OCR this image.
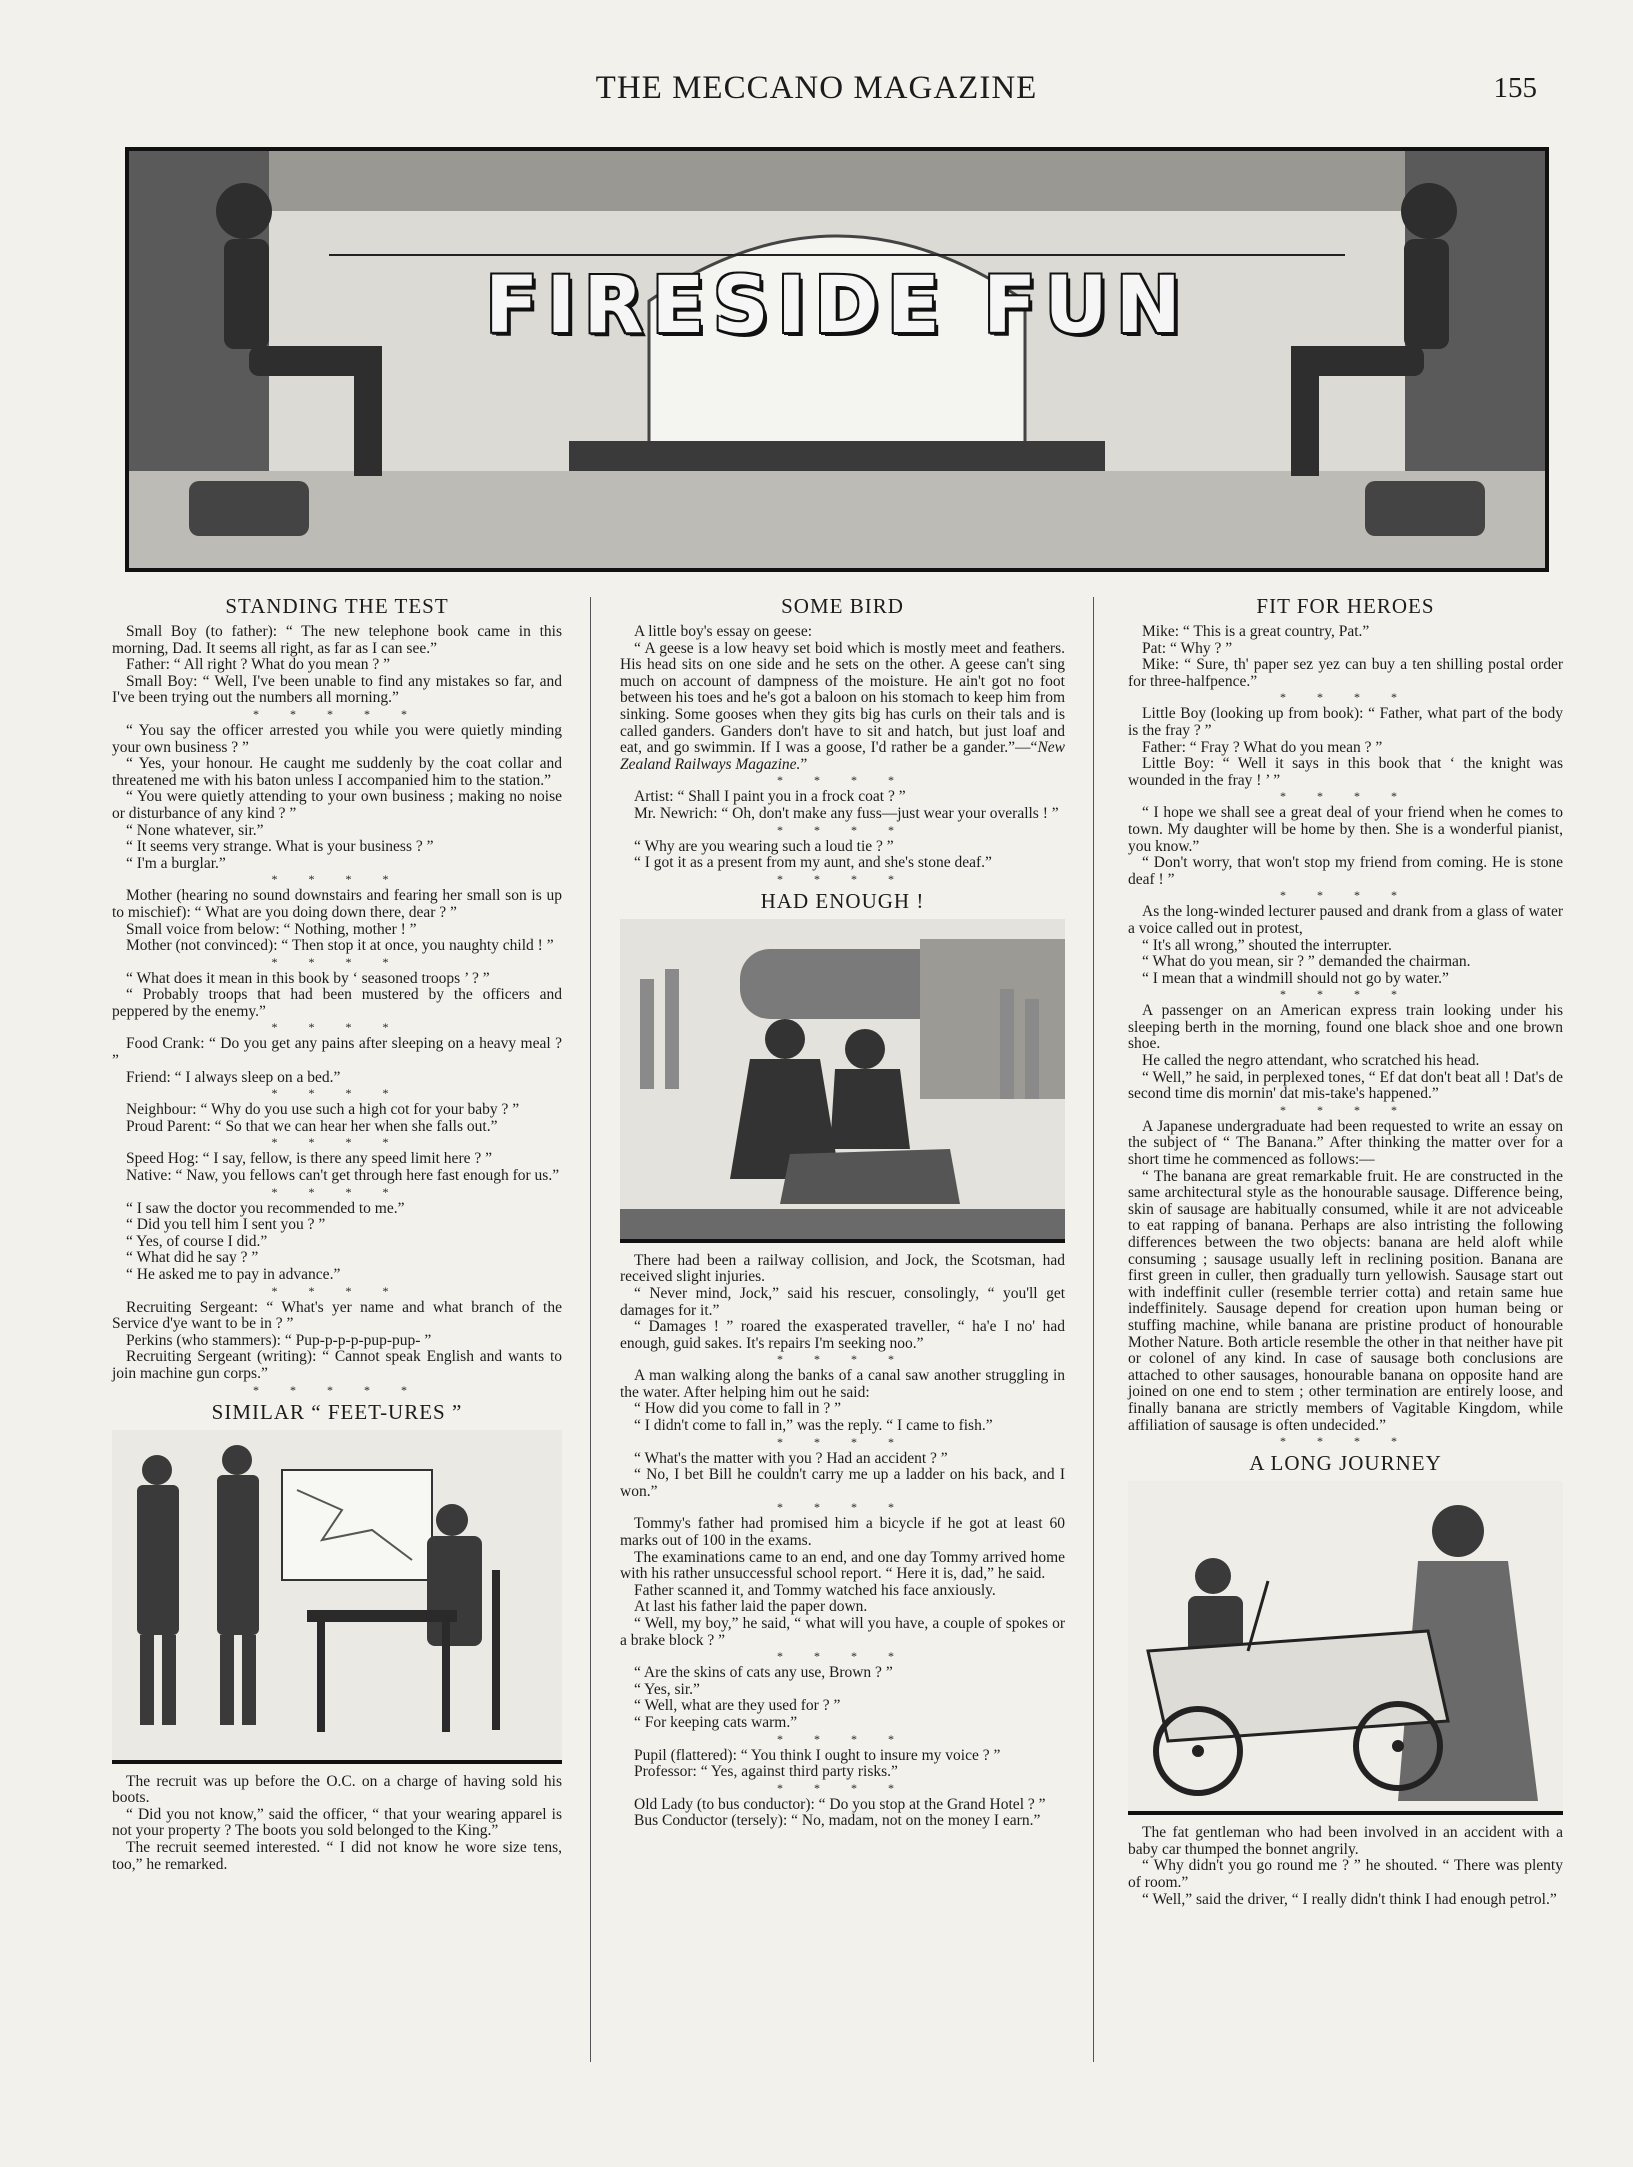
THE MECCANO MAGAZINE	155
FIRESIDE FUN
STANDING THE TEST

Small Boy (to father): “ The new telephone book came in this morning, Dad. It seems all right, as far as I can see.”

Father: “ All right ? What do you mean ? ”

Small Boy: “ Well, I've been unable to find any mistakes so far, and I've been trying out the numbers all morning.”

* * * * *

“ You say the officer arrested you while you were quietly minding your own business ? ”

“ Yes, your honour. He caught me suddenly by the coat collar and threatened me with his baton unless I accompanied him to the station.”

“ You were quietly attending to your own business ; making no noise or disturbance of any kind ? ”

“ None whatever, sir.”

“ It seems very strange. What is your business ? ”

“ I'm a burglar.”

* * * *

Mother (hearing no sound downstairs and fearing her small son is up to mischief): “ What are you doing down there, dear ? ”

Small voice from below: “ Nothing, mother ! ”

Mother (not convinced): “ Then stop it at once, you naughty child ! ”

* * * *

“ What does it mean in this book by ‘ seasoned troops ’ ? ”

“ Probably troops that had been mustered by the officers and peppered by the enemy.”

* * * *

Food Crank: “ Do you get any pains after sleeping on a heavy meal ? ”

Friend: “ I always sleep on a bed.”

* * * *

Neighbour: “ Why do you use such a high cot for your baby ? ”

Proud Parent: “ So that we can hear her when she falls out.”

* * * *

Speed Hog: “ I say, fellow, is there any speed limit here ? ”

Native: “ Naw, you fellows can't get through here fast enough for us.”

* * * *

“ I saw the doctor you recommended to me.”

“ Did you tell him I sent you ? ”

“ Yes, of course I did.”

“ What did he say ? ”

“ He asked me to pay in advance.”

* * * *

Recruiting Sergeant: “ What's yer name and what branch of the Service d'ye want to be in ? ”

Perkins (who stammers): “ Pup-p-p-p-pup-pup- ”

Recruiting Sergeant (writing): “ Cannot speak English and wants to join machine gun corps.”

* * * * *
SIMILAR “ FEET-URES ”

The recruit was up before the O.C. on a charge of having sold his boots.

“ Did you not know,” said the officer, “ that your wearing apparel is not your property ? The boots you sold belonged to the King.”

The recruit seemed interested. “ I did not know he wore size tens, too,” he remarked.

SOME BIRD

A little boy's essay on geese:

“ A geese is a low heavy set boid which is mostly meet and feathers. His head sits on one side and he sets on the other. A geese can't sing much on account of dampness of the moisture. He ain't got no foot between his toes and he's got a baloon on his stomach to keep him from sinking. Some gooses when they gits big has curls on their tals and is called ganders. Ganders don't have to sit and hatch, but just loaf and eat, and go swimmin. If I was a goose, I'd rather be a gander.”—“New Zealand Railways Magazine.”

* * * *

Artist: “ Shall I paint you in a frock coat ? ”

Mr. Newrich: “ Oh, don't make any fuss—just wear your overalls ! ”

* * * *

“ Why are you wearing such a loud tie ? ”

“ I got it as a present from my aunt, and she's stone deaf.”

* * * *
HAD ENOUGH !

There had been a railway collision, and Jock, the Scotsman, had received slight injuries.

“ Never mind, Jock,” said his rescuer, consolingly, “ you'll get damages for it.”

“ Damages ! ” roared the exasperated traveller, “ ha'e I no' had enough, guid sakes. It's repairs I'm seeking noo.”

* * * *

A man walking along the banks of a canal saw another struggling in the water. After helping him out he said:

“ How did you come to fall in ? ”

“ I didn't come to fall in,” was the reply. “ I came to fish.”

* * * *

“ What's the matter with you ? Had an accident ? ”

“ No, I bet Bill he couldn't carry me up a ladder on his back, and I won.”

* * * *

Tommy's father had promised him a bicycle if he got at least 60 marks out of 100 in the exams.

The examinations came to an end, and one day Tommy arrived home with his rather unsuccessful school report. “ Here it is, dad,” he said.

Father scanned it, and Tommy watched his face anxiously.

At last his father laid the paper down.

“ Well, my boy,” he said, “ what will you have, a couple of spokes or a brake block ? ”

* * * *

“ Are the skins of cats any use, Brown ? ”

“ Yes, sir.”

“ Well, what are they used for ? ”

“ For keeping cats warm.”

* * * *

Pupil (flattered): “ You think I ought to insure my voice ? ”

Professor: “ Yes, against third party risks.”

* * * *

Old Lady (to bus conductor): “ Do you stop at the Grand Hotel ? ”

Bus Conductor (tersely): “ No, madam, not on the money I earn.”

FIT FOR HEROES

Mike: “ This is a great country, Pat.”

Pat: “ Why ? ”

Mike: “ Sure, th' paper sez yez can buy a ten shilling postal order for three-halfpence.”

* * * *

Little Boy (looking up from book): “ Father, what part of the body is the fray ? ”

Father: “ Fray ? What do you mean ? ”

Little Boy: “ Well it says in this book that ‘ the knight was wounded in the fray ! ’ ”

* * * *

“ I hope we shall see a great deal of your friend when he comes to town. My daughter will be home by then. She is a wonderful pianist, you know.”

“ Don't worry, that won't stop my friend from coming. He is stone deaf ! ”

* * * *

As the long-winded lecturer paused and drank from a glass of water a voice called out in protest,

“ It's all wrong,” shouted the interrupter.

“ What do you mean, sir ? ” demanded the chairman.

“ I mean that a windmill should not go by water.”

* * * *

A passenger on an American express train looking under his sleeping berth in the morning, found one black shoe and one brown shoe.

He called the negro attendant, who scratched his head.

“ Well,” he said, in perplexed tones, “ Ef dat don't beat all ! Dat's de second time dis mornin' dat mis-take's happened.”

* * * *

A Japanese undergraduate had been requested to write an essay on the subject of “ The Banana.” After thinking the matter over for a short time he commenced as follows:—

“ The banana are great remarkable fruit. He are constructed in the same architectural style as the honourable sausage. Difference being, skin of sausage are habitually consumed, while it are not adviceable to eat rapping of banana. Perhaps are also intristing the following differences between the two objects: banana are held aloft while consuming ; sausage usually left in reclining position. Banana are first green in culler, then gradually turn yellowish. Sausage start out with indeffinit culler (resemble terrier cotta) and retain same hue indeffinitely. Sausage depend for creation upon human being or stuffing machine, while banana are pristine product of honourable Mother Nature. Both article resemble the other in that neither have pit or colonel of any kind. In case of sausage both conclusions are attached to other sausages, honourable banana on opposite hand are joined on one end to stem ; other termination are entirely loose, and finally banana are strictly members of Vagitable Kingdom, while affiliation of sausage is often undecided.”

* * * *
A LONG JOURNEY

The fat gentleman who had been involved in an accident with a baby car thumped the bonnet angrily.

“ Why didn't you go round me ? ” he shouted. “ There was plenty of room.”

“ Well,” said the driver, “ I really didn't think I had enough petrol.”
